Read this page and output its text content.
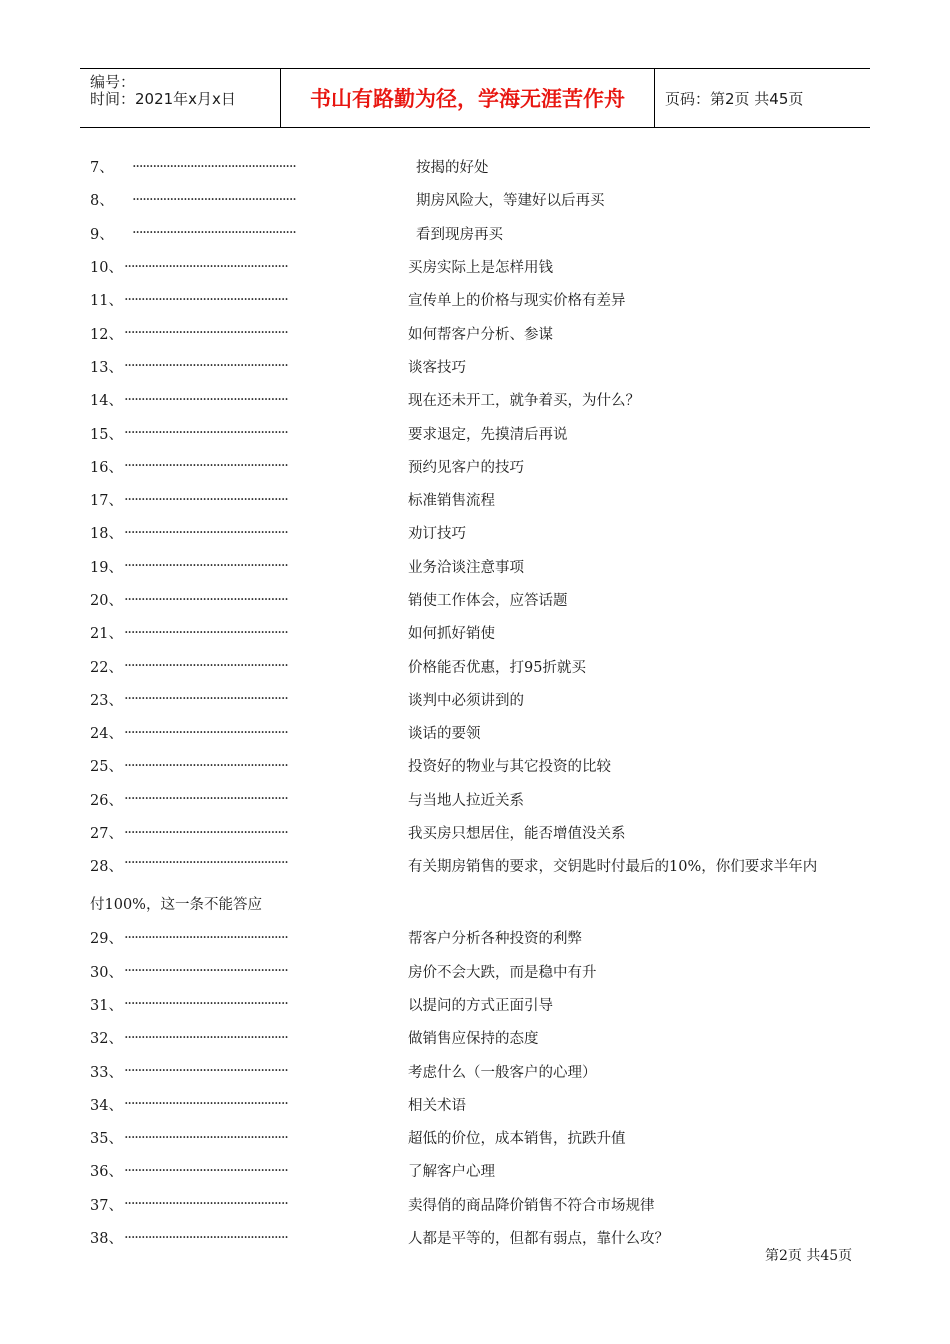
编号：
时间：2021年x月x日	书山有路勤为径，学海无涯苦作舟	页码：第2页 共45页
7、	················································	按揭的好处
8、	················································	期房风险大，等建好以后再买
9、	················································	看到现房再买
10、 ················································	买房实际上是怎样用钱
11、 ················································	宣传单上的价格与现实价格有差异
12、 ················································	如何帮客户分析、参谋
13、 ················································	谈客技巧
14、 ················································	现在还未开工，就争着买，为什么？
15、 ················································	要求退定，先摸清后再说
16、 ················································	预约见客户的技巧
17、 ················································	标准销售流程
18、 ················································	劝订技巧
19、 ················································	业务洽谈注意事项
20、 ················································	销使工作体会，应答话题
21、 ················································	如何抓好销使
22、 ················································	价格能否优惠，打95折就买
23、 ················································	谈判中必须讲到的
24、 ················································	谈话的要领
25、 ················································	投资好的物业与其它投资的比较
26、 ················································	与当地人拉近关系
27、 ················································	我买房只想居住，能否增值没关系
28、 ················································	有关期房销售的要求，交钥匙时付最后的10%，你们要求半年内
付100%，这一条不能答应
29、 ················································	帮客户分析各种投资的利弊
30、 ················································	房价不会大跌，而是稳中有升
31、 ················································	以提问的方式正面引导
32、 ················································	做销售应保持的态度
33、 ················································	考虑什么（一般客户的心理）
34、 ················································	相关术语
35、 ················································	超低的价位，成本销售，抗跌升值
36、 ················································	了解客户心理
37、 ················································	卖得俏的商品降价销售不符合市场规律
38、 ················································	人都是平等的，但都有弱点，靠什么攻？
第2页 共45页
